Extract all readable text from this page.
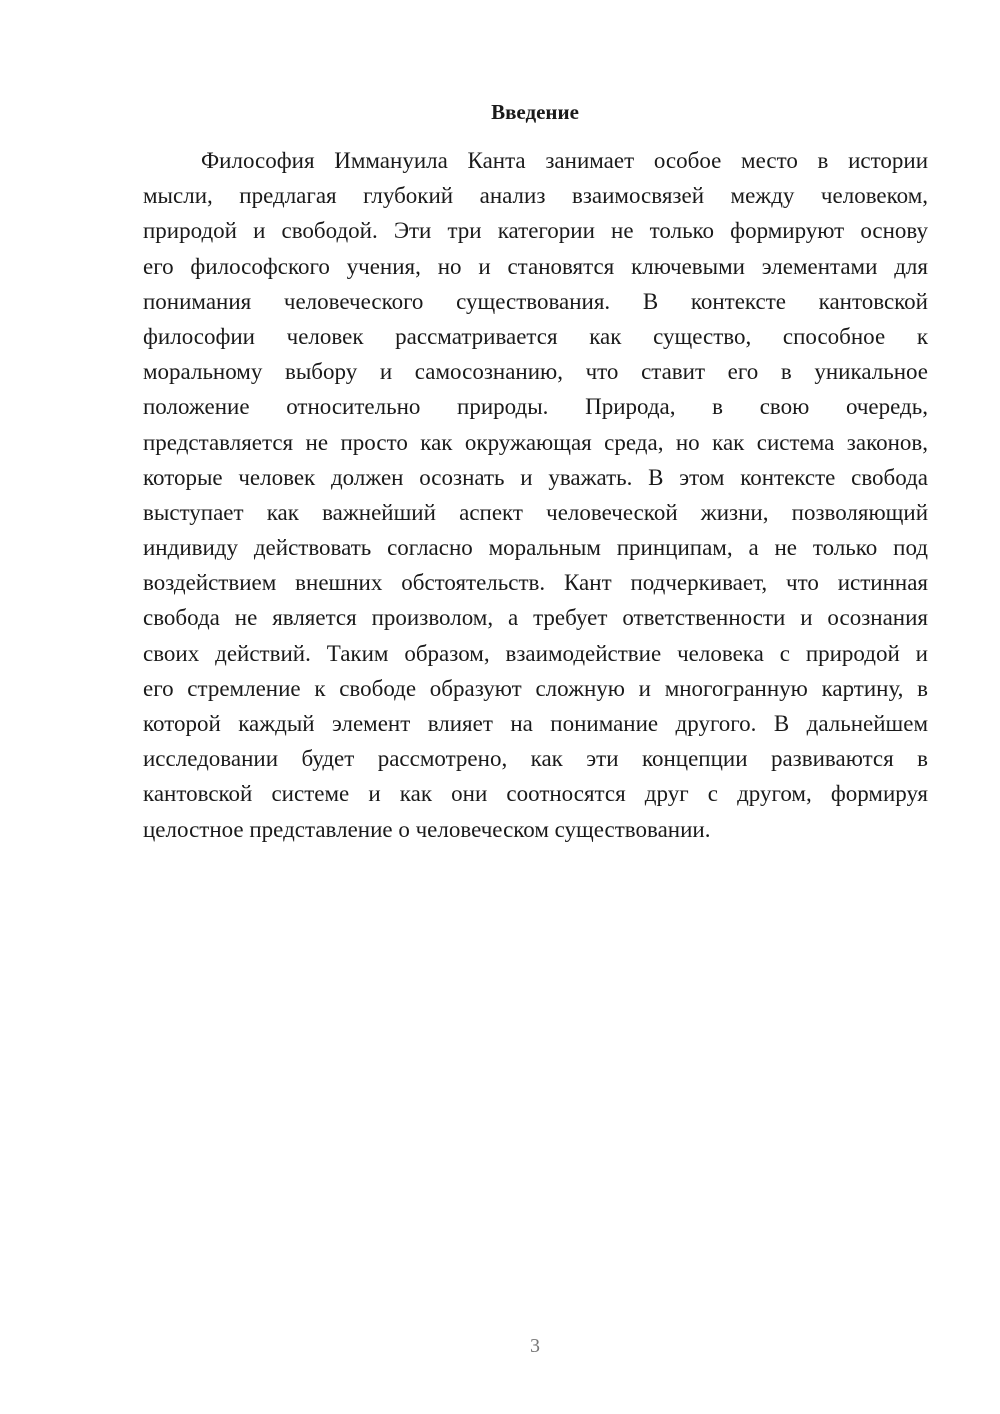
Введение
Философия Иммануила Канта занимает особое место в истории
мысли, предлагая глубокий анализ взаимосвязей между человеком,
природой и свободой. Эти три категории не только формируют основу
его философского учения, но и становятся ключевыми элементами для
понимания человеческого существования. В контексте кантовской
философии человек рассматривается как существо, способное к
моральному выбору и самосознанию, что ставит его в уникальное
положение относительно природы. Природа, в свою очередь,
представляется не просто как окружающая среда, но как система законов,
которые человек должен осознать и уважать. В этом контексте свобода
выступает как важнейший аспект человеческой жизни, позволяющий
индивиду действовать согласно моральным принципам, а не только под
воздействием внешних обстоятельств. Кант подчеркивает, что истинная
свобода не является произволом, а требует ответственности и осознания
своих действий. Таким образом, взаимодействие человека с природой и
его стремление к свободе образуют сложную и многогранную картину, в
которой каждый элемент влияет на понимание другого. В дальнейшем
исследовании будет рассмотрено, как эти концепции развиваются в
кантовской системе и как они соотносятся друг с другом, формируя
целостное представление о человеческом существовании.
3
